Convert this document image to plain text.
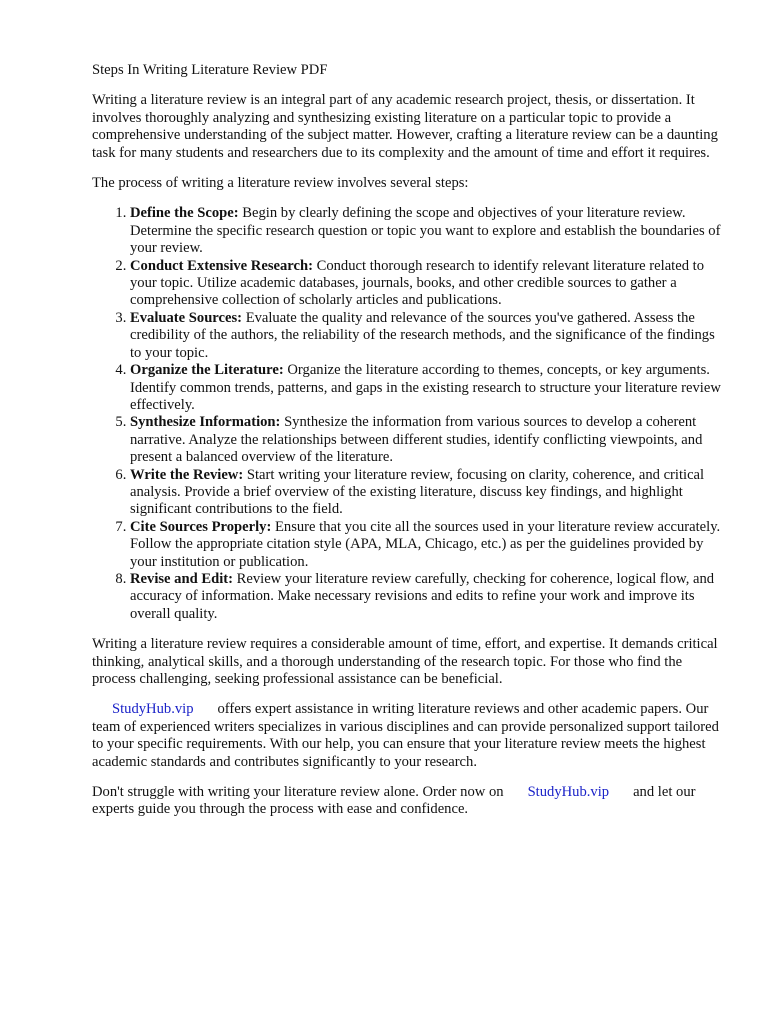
Steps In Writing Literature Review PDF

Writing a literature review is an integral part of any academic research project, thesis, or dissertation. It involves thoroughly analyzing and synthesizing existing literature on a particular topic to provide a comprehensive understanding of the subject matter. However, crafting a literature review can be a daunting task for many students and researchers due to its complexity and the amount of time and effort it requires.

The process of writing a literature review involves several steps:

1. Define the Scope: Begin by clearly defining the scope and objectives of your literature review. Determine the specific research question or topic you want to explore and establish the boundaries of your review.
2. Conduct Extensive Research: Conduct thorough research to identify relevant literature related to your topic. Utilize academic databases, journals, books, and other credible sources to gather a comprehensive collection of scholarly articles and publications.
3. Evaluate Sources: Evaluate the quality and relevance of the sources you've gathered. Assess the credibility of the authors, the reliability of the research methods, and the significance of the findings to your topic.
4. Organize the Literature: Organize the literature according to themes, concepts, or key arguments. Identify common trends, patterns, and gaps in the existing research to structure your literature review effectively.
5. Synthesize Information: Synthesize the information from various sources to develop a coherent narrative. Analyze the relationships between different studies, identify conflicting viewpoints, and present a balanced overview of the literature.
6. Write the Review: Start writing your literature review, focusing on clarity, coherence, and critical analysis. Provide a brief overview of the existing literature, discuss key findings, and highlight significant contributions to the field.
7. Cite Sources Properly: Ensure that you cite all the sources used in your literature review accurately. Follow the appropriate citation style (APA, MLA, Chicago, etc.) as per the guidelines provided by your institution or publication.
8. Revise and Edit: Review your literature review carefully, checking for coherence, logical flow, and accuracy of information. Make necessary revisions and edits to refine your work and improve its overall quality.

Writing a literature review requires a considerable amount of time, effort, and expertise. It demands critical thinking, analytical skills, and a thorough understanding of the research topic. For those who find the process challenging, seeking professional assistance can be beneficial.

StudyHub.vip offers expert assistance in writing literature reviews and other academic papers. Our team of experienced writers specializes in various disciplines and can provide personalized support tailored to your specific requirements. With our help, you can ensure that your literature review meets the highest academic standards and contributes significantly to your research.

Don't struggle with writing your literature review alone. Order now on StudyHub.vip and let our experts guide you through the process with ease and confidence.
